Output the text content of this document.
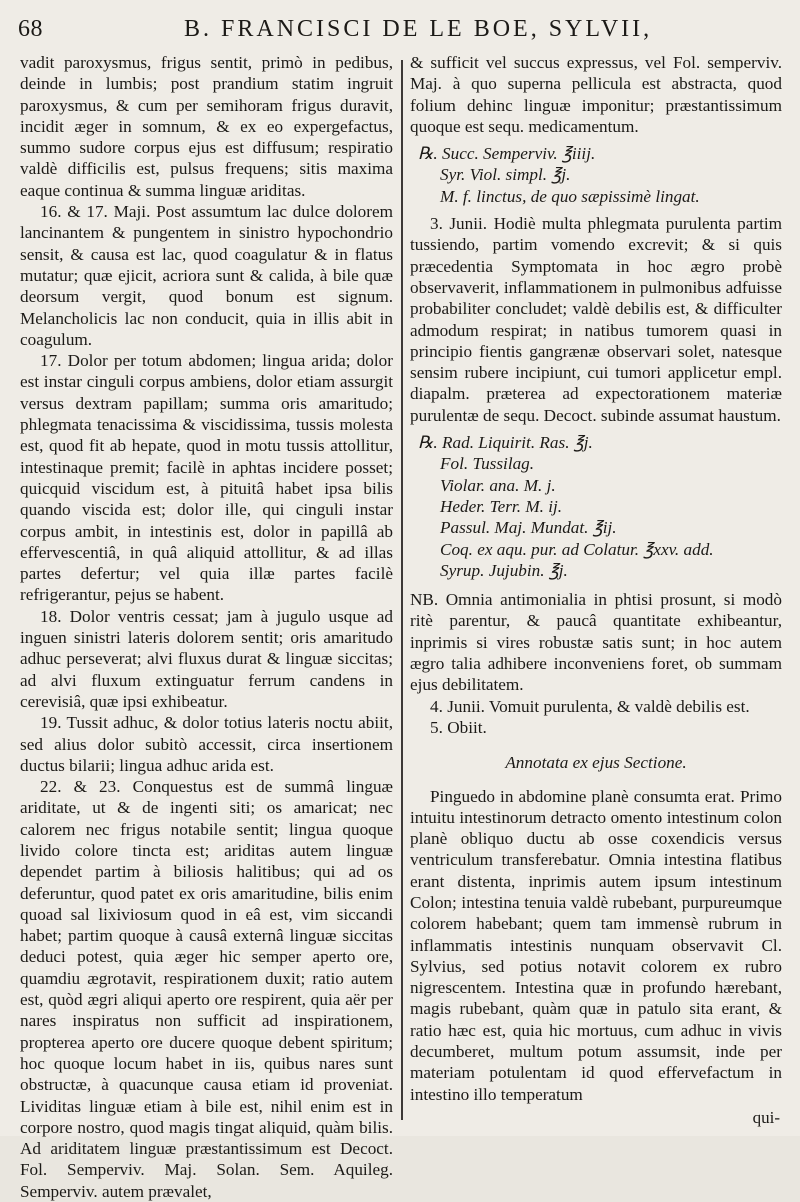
68	B. FRANCISCI DE LE BOE, SYLVII,

vadit paroxysmus, frigus sentit, primò in pedibus, deinde in lumbis; post prandium statim ingruit paroxysmus, & cum per semihoram frigus duravit, incidit æger in somnum, & ex eo expergefactus, summo sudore corpus ejus est diffusum; respiratio valdè difficilis est, pulsus frequens; sitis maxima eaque continua & summa linguæ ariditas.

16. & 17. Maji. Post assumtum lac dulce dolorem lancinantem & pungentem in sinistro hypochondrio sensit, & causa est lac, quod coagulatur & in flatus mutatur; quæ ejicit, acriora sunt & calida, à bile quæ deorsum vergit, quod bonum est signum. Melancholicis lac non conducit, quia in illis abit in coagulum.

17. Dolor per totum abdomen; lingua arida; dolor est instar cinguli corpus ambiens, dolor etiam assurgit versus dextram papillam; summa oris amaritudo; phlegmata tenacissima & viscidissima, tussis molesta est, quod fit ab hepate, quod in motu tussis attollitur, intestinaque premit; facilè in aphtas incidere posset; quicquid viscidum est, à pituitâ habet ipsa bilis quando viscida est; dolor ille, qui cinguli instar corpus ambit, in intestinis est, dolor in papillâ ab effervescentiâ, in quâ aliquid attollitur, & ad illas partes defertur; vel quia illæ partes facilè refrigerantur, pejus se habent.

18. Dolor ventris cessat; jam à jugulo usque ad inguen sinistri lateris dolorem sentit; oris amaritudo adhuc perseverat; alvi fluxus durat & linguæ siccitas; ad alvi fluxum extinguatur ferrum candens in cerevisiâ, quæ ipsi exhibeatur.

19. Tussit adhuc, & dolor totius lateris noctu abiit, sed alius dolor subitò accessit, circa insertionem ductus bilarii; lingua adhuc arida est.

22. & 23. Conquestus est de summâ linguæ ariditate, ut & de ingenti siti; os amaricat; nec calorem nec frigus notabile sentit; lingua quoque livido colore tincta est; ariditas autem linguæ dependet partim à biliosis halitibus; qui ad os deferuntur, quod patet ex oris amaritudine, bilis enim quoad sal lixiviosum quod in eâ est, vim siccandi habet; partim quoque à causâ externâ linguæ siccitas deduci potest, quia æger hic semper aperto ore, quamdiu ægrotavit, respirationem duxit; ratio autem est, quòd ægri aliqui aperto ore respirent, quia aër per nares inspiratus non sufficit ad inspirationem, propterea aperto ore ducere quoque debent spiritum; hoc quoque locum habet in iis, quibus nares sunt obstructæ, à quacunque causa etiam id proveniat. Lividitas linguæ etiam à bile est, nihil enim est in corpore nostro, quod magis tingat aliquid, quàm bilis. Ad ariditatem linguæ præstantissimum est Decoct. Fol. Semperviv. Maj. Solan. Sem. Aquileg. Semperviv. autem prævalet,

& sufficit vel succus expressus, vel Fol. semperviv. Maj. à quo superna pellicula est abstracta, quod folium dehinc linguæ imponitur; præstantissimum quoque est sequ. medicamentum.

℞. Succ. Semperviv. ℥iiij.
Syr. Viol. simpl. ℥j.
M. f. linctus, de quo sæpissimè lingat.

3. Junii. Hodiè multa phlegmata purulenta partim tussiendo, partim vomendo excrevit; & si quis præcedentia Symptomata in hoc ægro probè observaverit, inflammationem in pulmonibus adfuisse probabiliter concludet; valdè debilis est, & difficulter admodum respirat; in natibus tumorem quasi in principio fientis gangrænæ observari solet, natesque sensim rubere incipiunt, cui tumori applicetur empl. diapalm. præterea ad expectorationem materiæ purulentæ de sequ. Decoct. subinde assumat haustum.

℞. Rad. Liquirit. Ras. ℥j.
Fol. Tussilag.
Violar. ana. M. j.
Heder. Terr. M. ij.
Passul. Maj. Mundat. ℥ij.
Coq. ex aqu. pur. ad Colatur. ℥xxv. add.
Syrup. Jujubin. ℥j.

NB. Omnia antimonialia in phtisi prosunt, si modò ritè parentur, & paucâ quantitate exhibeantur, inprimis si vires robustæ satis sunt; in hoc autem ægro talia adhibere inconveniens foret, ob summam ejus debilitatem.

4. Junii. Vomuit purulenta, & valdè debilis est.

5. Obiit.

Annotata ex ejus Sectione.

Pinguedo in abdomine planè consumta erat. Primo intuitu intestinorum detracto omento intestinum colon planè obliquo ductu ab osse coxendicis versus ventriculum transferebatur. Omnia intestina flatibus erant distenta, inprimis autem ipsum intestinum Colon; intestina tenuia valdè rubebant, purpureumque colorem habebant; quem tam immensè rubrum in inflammatis intestinis nunquam observavit Cl. Sylvius, sed potius notavit colorem ex rubro nigrescentem. Intestina quæ in profundo hærebant, magis rubebant, quàm quæ in patulo sita erant, & ratio hæc est, quia hic mortuus, cum adhuc in vivis decumberet, multum potum assumsit, inde per materiam potulentam id quod effervefactum in intestino illo temperatum

qui-
